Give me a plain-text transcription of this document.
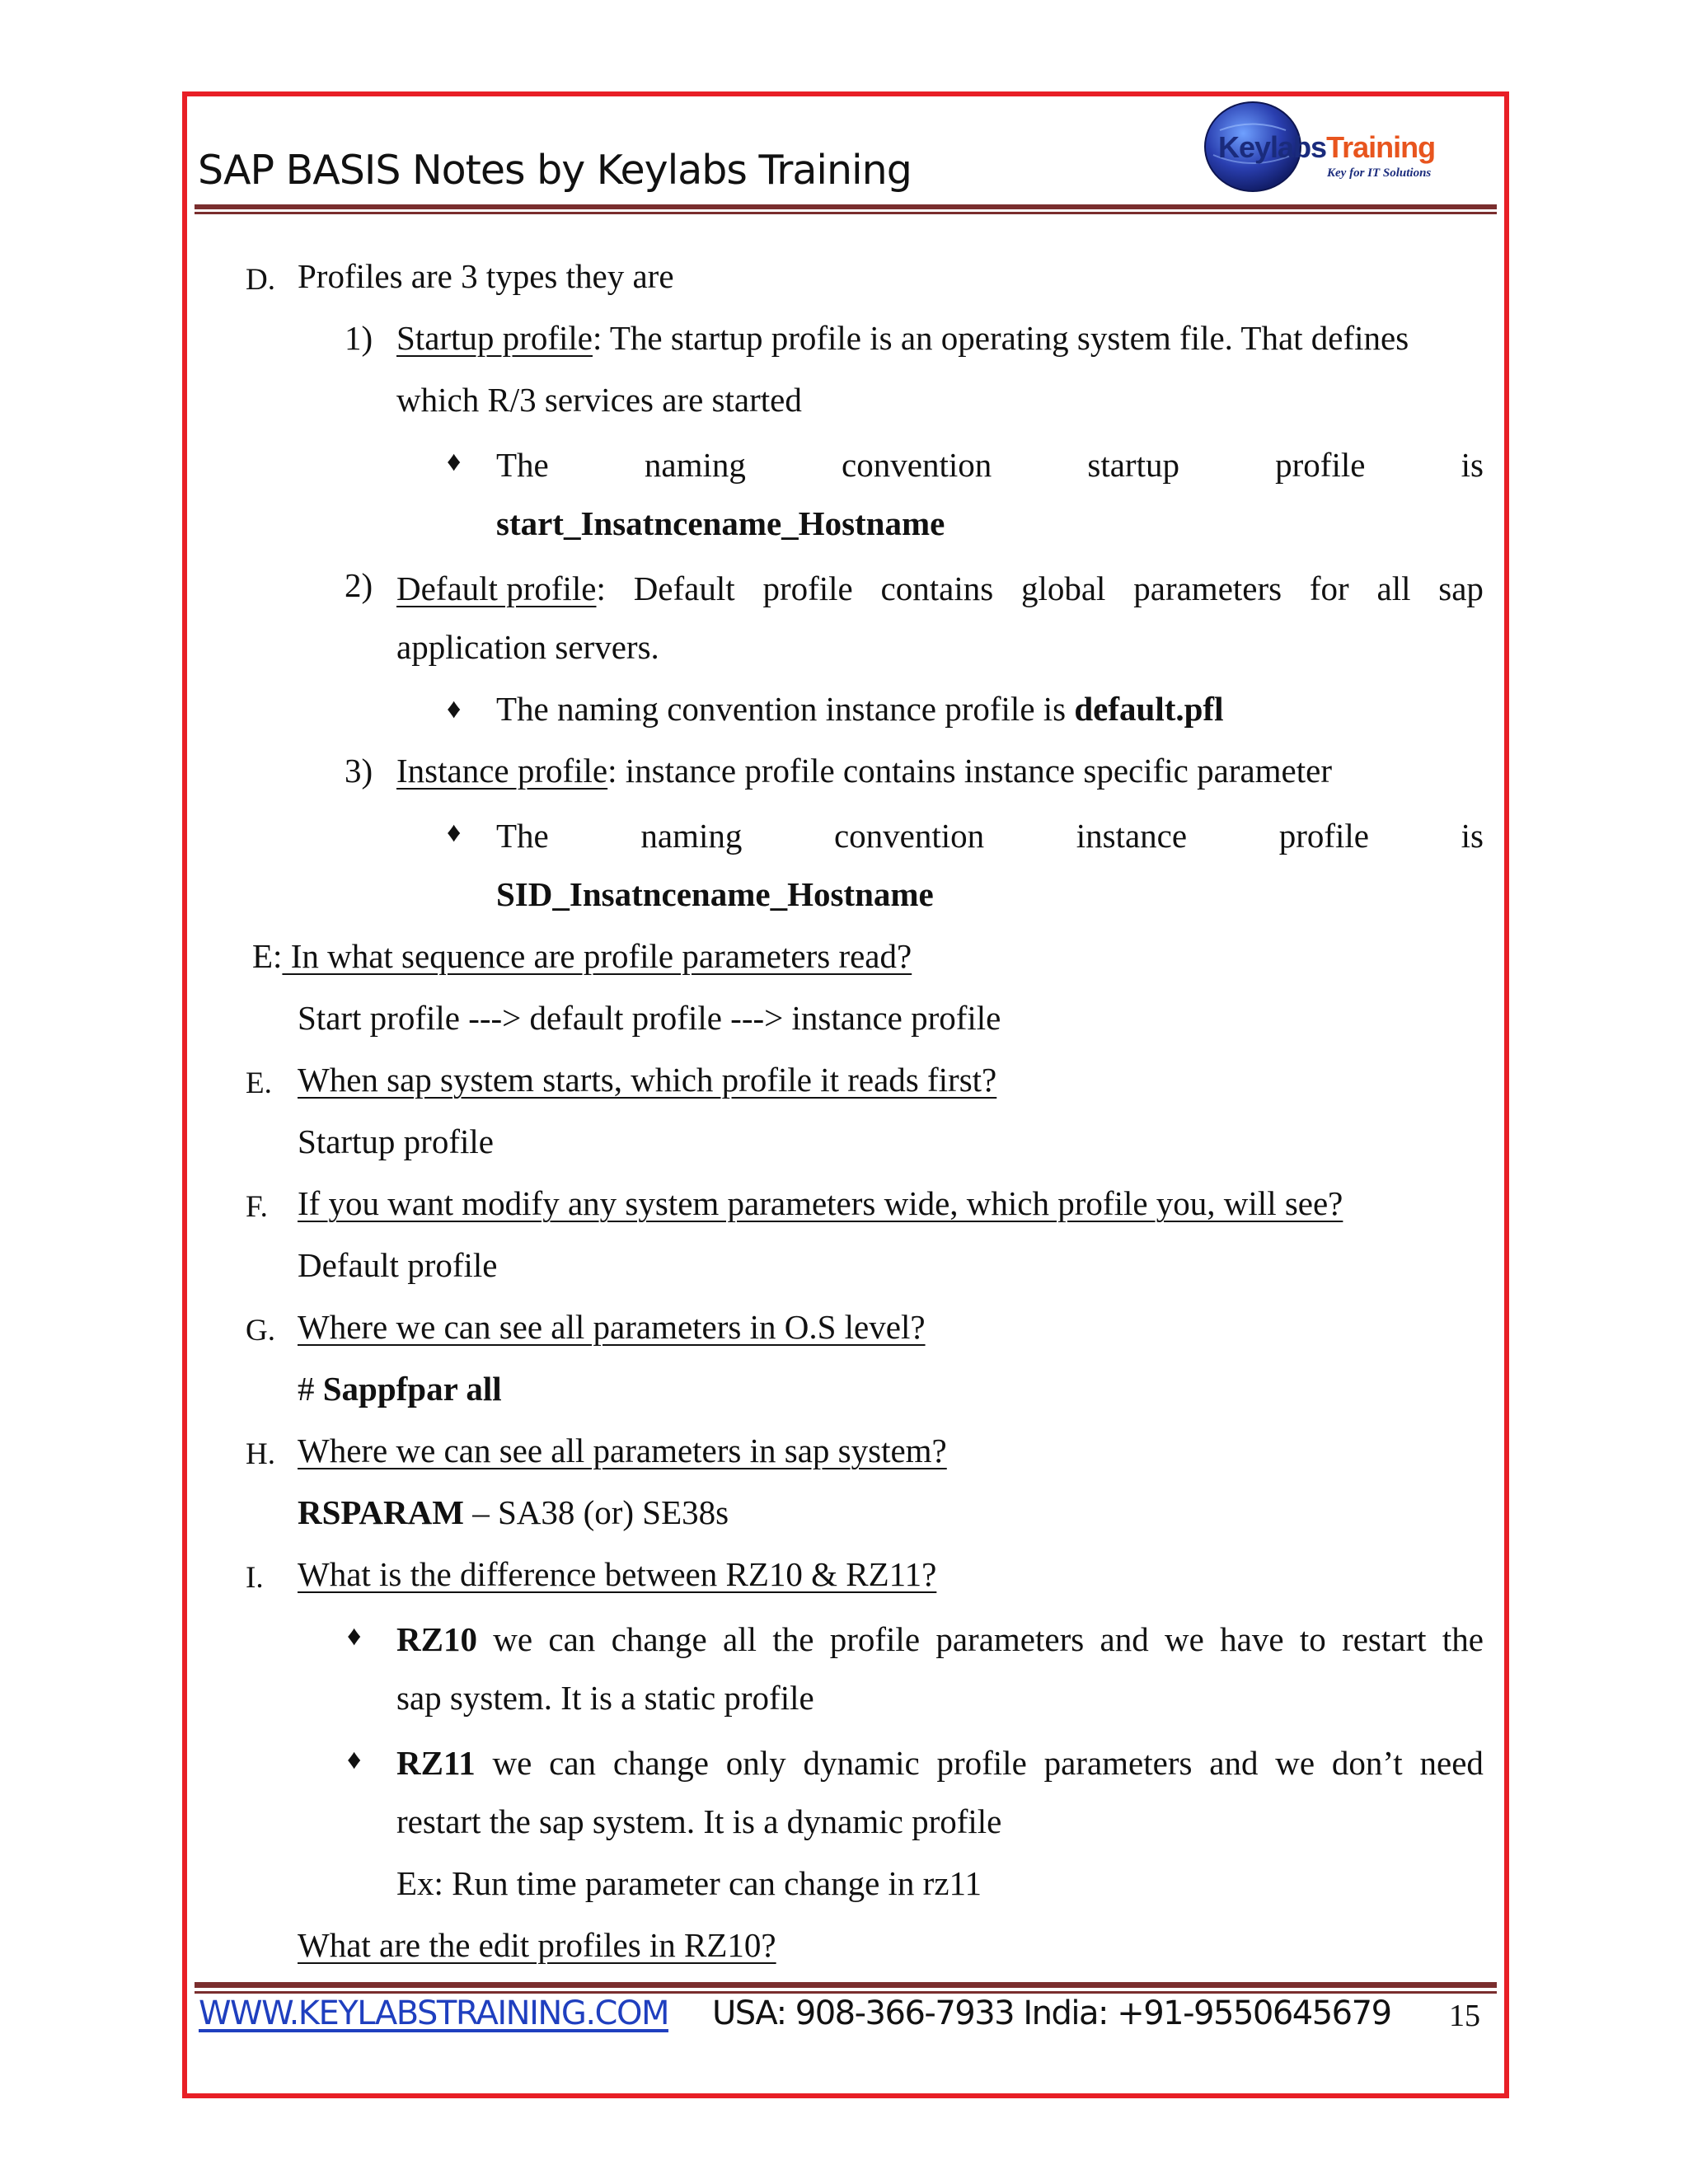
SAP BASIS Notes by Keylabs Training	KeylabsTraining
Key for IT Solutions
D. Profiles are 3 types they are
1) Startup profile: The startup profile is an operating system file. That defines
which R/3 services are started
♦ The	naming	convention	startup	profile	is
start_Insatncename_Hostname
2) Default profile: Default profile contains global parameters for all sap
application servers.
♦ The naming convention instance profile is default.pfl
3) Instance profile: instance profile contains instance specific parameter
♦ The	naming	convention	instance	profile	is
SID_Insatncename_Hostname
E: In what sequence are profile parameters read?
Start profile ---> default profile ---> instance profile
E. When sap system starts, which profile it reads first?
Startup profile
F. If you want modify any system parameters wide, which profile you, will see?
Default profile
G. Where we can see all parameters in O.S level?
# Sappfpar all
H. Where we can see all parameters in sap system?
RSPARAM – SA38 (or) SE38s
I. What is the difference between RZ10 & RZ11?
♦ RZ10 we can change all the profile parameters and we have to restart the
sap system. It is a static profile
♦ RZ11 we can change only dynamic profile parameters and we don’t need
restart the sap system. It is a dynamic profile
Ex: Run time parameter can change in rz11
What are the edit profiles in RZ10?
WWW.KEYLABSTRAINING.COM USA: 908-366-7933 India: +91-9550645679 15
